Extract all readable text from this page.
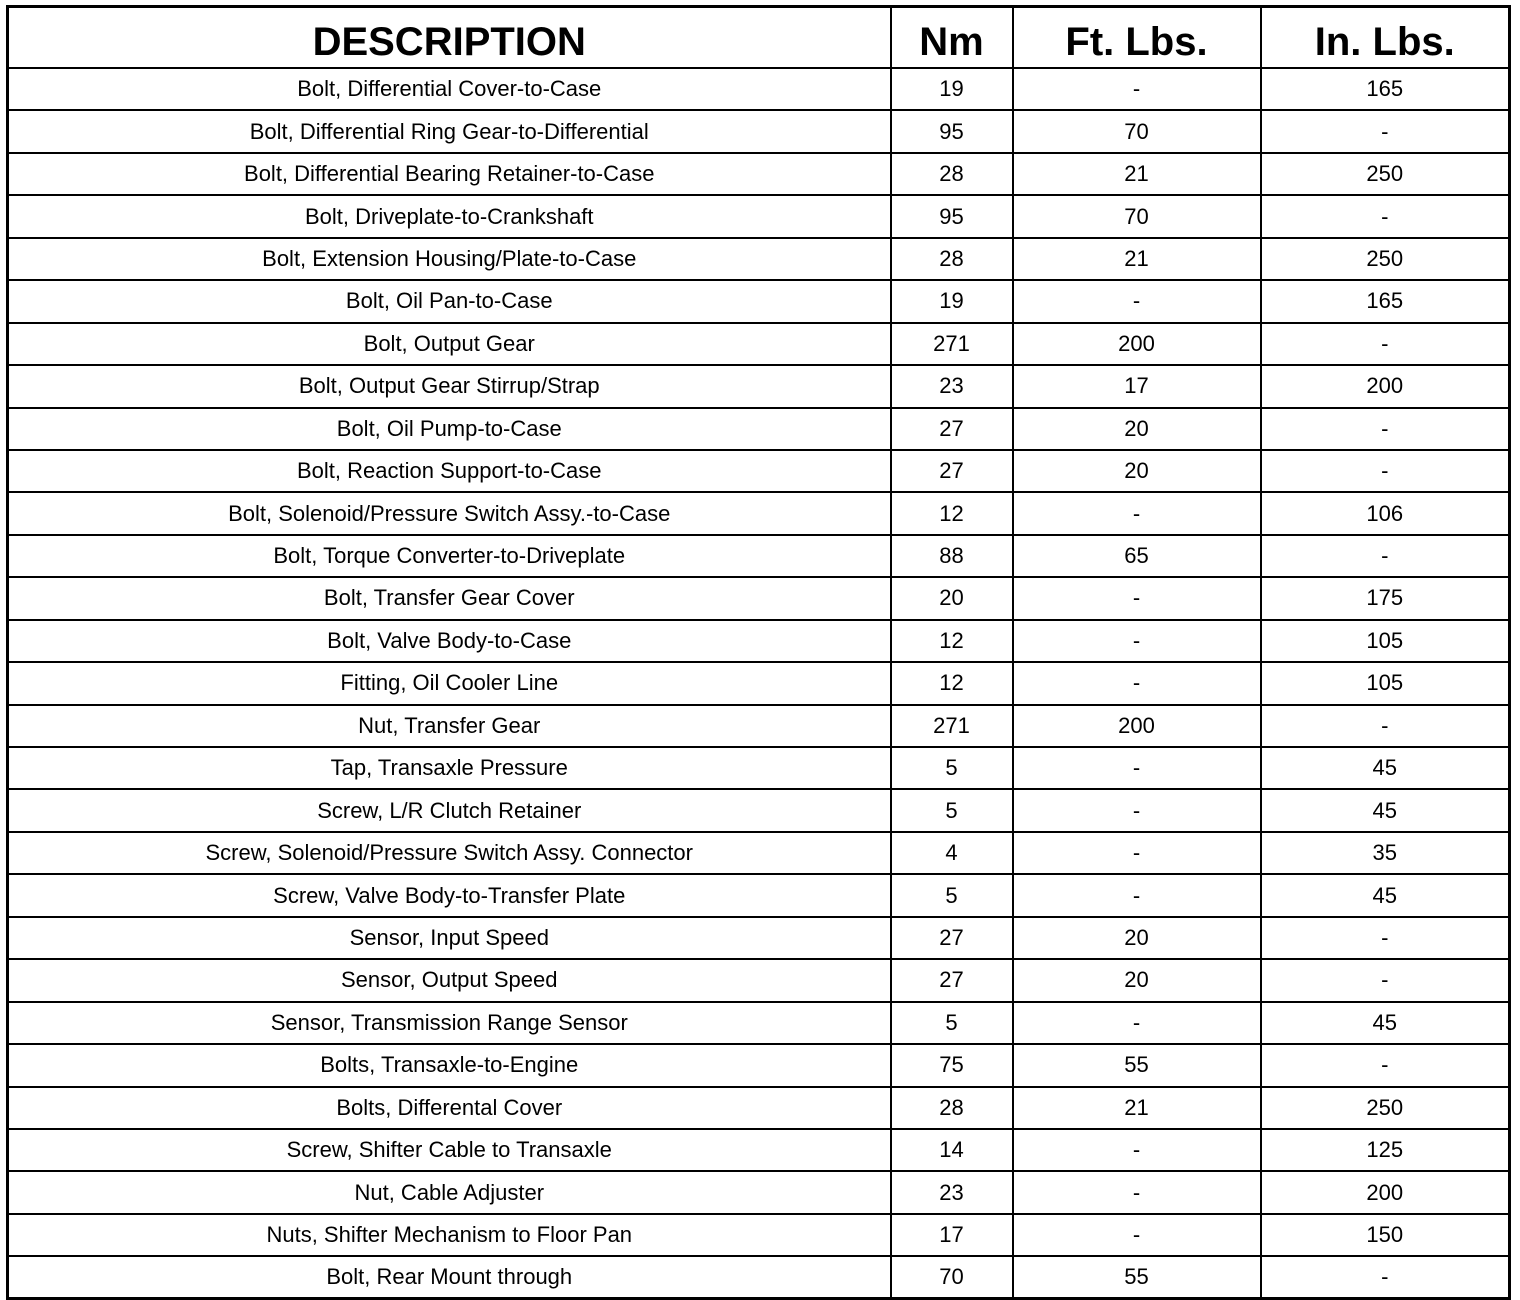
DESCRIPTION	Nm	Ft. Lbs.	In. Lbs.
Bolt, Differential Cover-to-Case	19	-	165
Bolt, Differential Ring Gear-to-Differential	95	70	-
Bolt, Differential Bearing Retainer-to-Case	28	21	250
Bolt, Driveplate-to-Crankshaft	95	70	-
Bolt, Extension Housing/Plate-to-Case	28	21	250
Bolt, Oil Pan-to-Case	19	-	165
Bolt, Output Gear	271	200	-
Bolt, Output Gear Stirrup/Strap	23	17	200
Bolt, Oil Pump-to-Case	27	20	-
Bolt, Reaction Support-to-Case	27	20	-
Bolt, Solenoid/Pressure Switch Assy.-to-Case	12	-	106
Bolt, Torque Converter-to-Driveplate	88	65	-
Bolt, Transfer Gear Cover	20	-	175
Bolt, Valve Body-to-Case	12	-	105
Fitting, Oil Cooler Line	12	-	105
Nut, Transfer Gear	271	200	-
Tap, Transaxle Pressure	5	-	45
Screw, L/R Clutch Retainer	5	-	45
Screw, Solenoid/Pressure Switch Assy. Connector	4	-	35
Screw, Valve Body-to-Transfer Plate	5	-	45
Sensor, Input Speed	27	20	-
Sensor, Output Speed	27	20	-
Sensor, Transmission Range Sensor	5	-	45
Bolts, Transaxle-to-Engine	75	55	-
Bolts, Differental Cover	28	21	250
Screw, Shifter Cable to Transaxle	14	-	125
Nut, Cable Adjuster	23	-	200
Nuts, Shifter Mechanism to Floor Pan	17	-	150
Bolt, Rear Mount through	70	55	-
